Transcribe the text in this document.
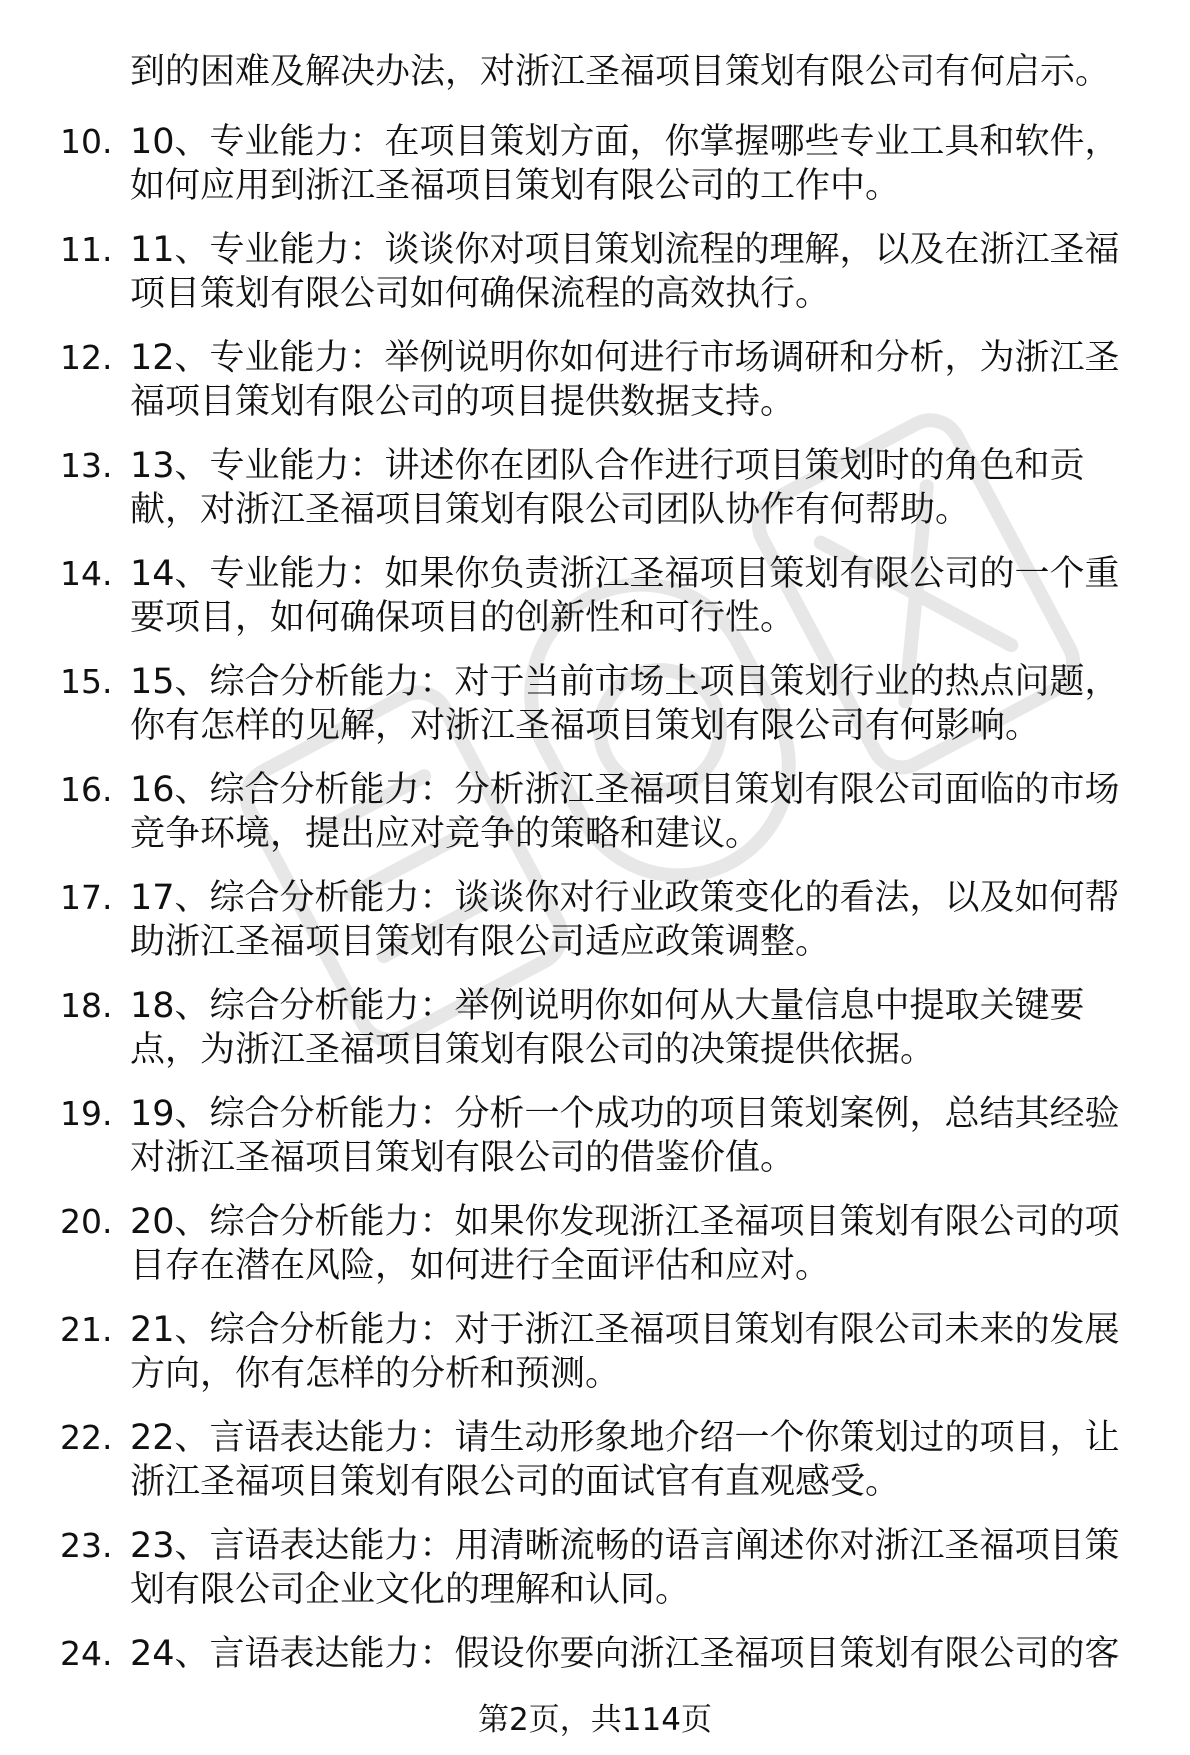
到的困难及解决办法，对浙江圣福项目策划有限公司有何启示。
10. 10、专业能力：在项目策划方面，你掌握哪些专业工具和软件，
如何应用到浙江圣福项目策划有限公司的工作中。
11. 11、专业能力：谈谈你对项目策划流程的理解，以及在浙江圣福
项目策划有限公司如何确保流程的高效执行。
12. 12、专业能力：举例说明你如何进行市场调研和分析，为浙江圣
福项目策划有限公司的项目提供数据支持。
13. 13、专业能力：讲述你在团队合作进行项目策划时的角色和贡
献，对浙江圣福项目策划有限公司团队协作有何帮助。
14. 14、专业能力：如果你负责浙江圣福项目策划有限公司的一个重
要项目，如何确保项目的创新性和可行性。
15. 15、综合分析能力：对于当前市场上项目策划行业的热点问题，
你有怎样的见解，对浙江圣福项目策划有限公司有何影响。
16. 16、综合分析能力：分析浙江圣福项目策划有限公司面临的市场
竞争环境，提出应对竞争的策略和建议。
17. 17、综合分析能力：谈谈你对行业政策变化的看法，以及如何帮
助浙江圣福项目策划有限公司适应政策调整。
18. 18、综合分析能力：举例说明你如何从大量信息中提取关键要
点，为浙江圣福项目策划有限公司的决策提供依据。
19. 19、综合分析能力：分析一个成功的项目策划案例，总结其经验
对浙江圣福项目策划有限公司的借鉴价值。
20. 20、综合分析能力：如果你发现浙江圣福项目策划有限公司的项
目存在潜在风险，如何进行全面评估和应对。
21. 21、综合分析能力：对于浙江圣福项目策划有限公司未来的发展
方向，你有怎样的分析和预测。
22. 22、言语表达能力：请生动形象地介绍一个你策划过的项目，让
浙江圣福项目策划有限公司的面试官有直观感受。
23. 23、言语表达能力：用清晰流畅的语言阐述你对浙江圣福项目策
划有限公司企业文化的理解和认同。
24. 24、言语表达能力：假设你要向浙江圣福项目策划有限公司的客
第2页，共114页
